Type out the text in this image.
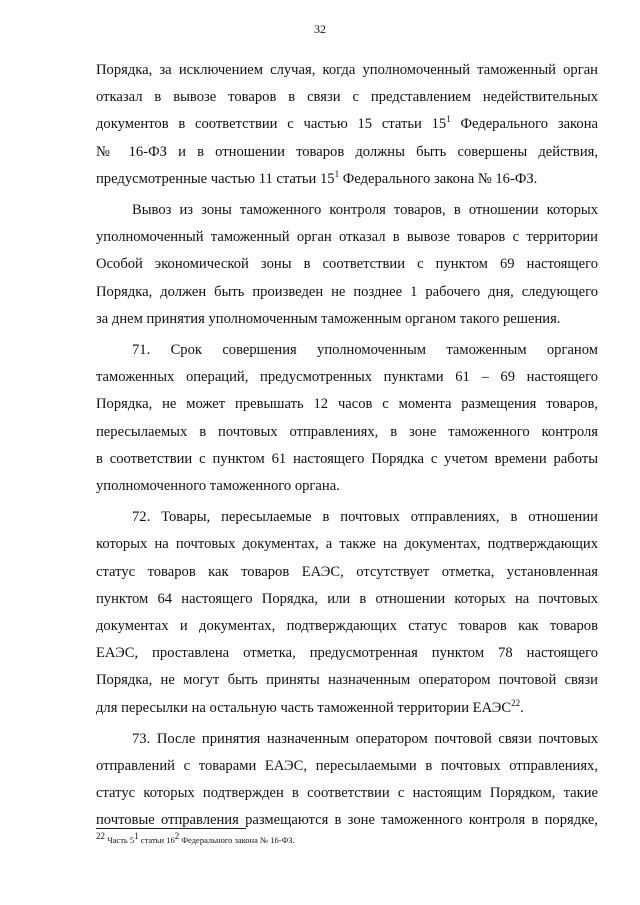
32

Порядка, за исключением случая, когда уполномоченный таможенный орган
отказал в вывозе товаров в связи с представлением недействительных
документов в соответствии с частью 15 статьи $15^1$ Федерального закона
№ 16-ФЗ и в отношении товаров должны быть совершены действия,
предусмотренные частью 11 статьи $15^1$ Федерального закона № 16-ФЗ.

Вывоз из зоны таможенного контроля товаров, в отношении которых
уполномоченный таможенный орган отказал в вывозе товаров с территории
Особой экономической зоны в соответствии с пунктом 69 настоящего
Порядка, должен быть произведен не позднее 1 рабочего дня, следующего
за днем принятия уполномоченным таможенным органом такого решения.

71. Срок совершения уполномоченным таможенным органом
таможенных операций, предусмотренных пунктами 61 – 69 настоящего
Порядка, не может превышать 12 часов с момента размещения товаров,
пересылаемых в почтовых отправлениях, в зоне таможенного контроля
в соответствии с пунктом 61 настоящего Порядка с учетом времени работы
уполномоченного таможенного органа.

72. Товары, пересылаемые в почтовых отправлениях, в отношении
которых на почтовых документах, а также на документах, подтверждающих
статус товаров как товаров ЕАЭС, отсутствует отметка, установленная
пунктом 64 настоящего Порядка, или в отношении которых на почтовых
документах и документах, подтверждающих статус товаров как товаров
ЕАЭС, проставлена отметка, предусмотренная пунктом 78 настоящего
Порядка, не могут быть приняты назначенным оператором почтовой связи
для пересылки на остальную часть таможенной территории ЕАЭС$^{22}$.

73. После принятия назначенным оператором почтовой связи почтовых
отправлений с товарами ЕАЭС, пересылаемыми в почтовых отправлениях,
статус которых подтвержден в соответствии с настоящим Порядком, такие
почтовые отправления размещаются в зоне таможенного контроля в порядке,

$^{22}$ Часть $5^1$ статьи $16^2$ Федерального закона № 16-ФЗ.
